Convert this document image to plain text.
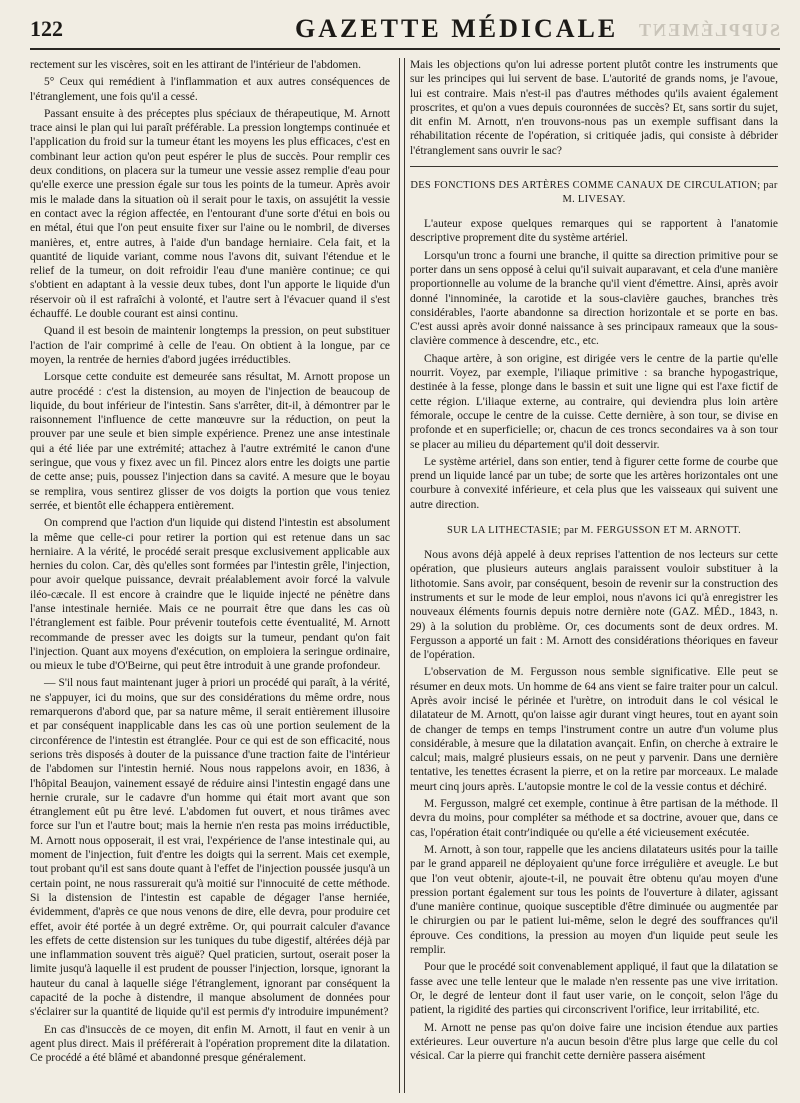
122	GAZETTE MÉDICALE SUPPLÉMENT

rectement sur les viscères, soit en les attirant de l'intérieur de l'abdomen.

5° Ceux qui remédient à l'inflammation et aux autres conséquences de l'étranglement, une fois qu'il a cessé.

Passant ensuite à des préceptes plus spéciaux de thérapeutique, M. Arnott trace ainsi le plan qui lui paraît préférable. La pression longtemps continuée et l'application du froid sur la tumeur étant les moyens les plus efficaces, c'est en combinant leur action qu'on peut espérer le plus de succès. Pour remplir ces deux conditions, on placera sur la tumeur une vessie assez remplie d'eau pour qu'elle exerce une pression égale sur tous les points de la tumeur. Après avoir mis le malade dans la situation où il serait pour le taxis, on assujétit la vessie en contact avec la région affectée, en l'entourant d'une sorte d'étui en bois ou en métal, étui que l'on peut ensuite fixer sur l'aine ou le nombril, de diverses manières, et, entre autres, à l'aide d'un bandage herniaire. Cela fait, et la quantité de liquide variant, comme nous l'avons dit, suivant l'étendue et le relief de la tumeur, on doit refroidir l'eau d'une manière continue; ce qui s'obtient en adaptant à la vessie deux tubes, dont l'un apporte le liquide d'un réservoir où il est rafraîchi à volonté, et l'autre sert à l'évacuer quand il s'est échauffé. Le double courant est ainsi continu.

Quand il est besoin de maintenir longtemps la pression, on peut substituer l'action de l'air comprimé à celle de l'eau. On obtient à la longue, par ce moyen, la rentrée de hernies d'abord jugées irréductibles.

Lorsque cette conduite est demeurée sans résultat, M. Arnott propose un autre procédé : c'est la distension, au moyen de l'injection de beaucoup de liquide, du bout inférieur de l'intestin. Sans s'arrêter, dit-il, à démontrer par le raisonnement l'influence de cette manœuvre sur la réduction, on peut la prouver par une seule et bien simple expérience. Prenez une anse intestinale qui a été liée par une extrémité; attachez à l'autre extrémité le canon d'une seringue, que vous y fixez avec un fil. Pincez alors entre les doigts une partie de cette anse; puis, poussez l'injection dans sa cavité. A mesure que le boyau se remplira, vous sentirez glisser de vos doigts la portion que vous teniez serrée, et bientôt elle échappera entièrement.

On comprend que l'action d'un liquide qui distend l'intestin est absolument la même que celle-ci pour retirer la portion qui est retenue dans un sac herniaire. A la vérité, le procédé serait presque exclusivement applicable aux hernies du colon. Car, dès qu'elles sont formées par l'intestin grêle, l'injection, pour avoir quelque puissance, devrait préalablement avoir forcé la valvule iléo-cæcale. Il est encore à craindre que le liquide injecté ne pénètre dans l'anse intestinale herniée. Mais ce ne pourrait être que dans les cas où l'étranglement est faible. Pour prévenir toutefois cette éventualité, M. Arnott recommande de presser avec les doigts sur la tumeur, pendant qu'on fait l'injection. Quant aux moyens d'exécution, on emploiera la seringue ordinaire, ou mieux le tube d'O'Beirne, qui peut être introduit à une grande profondeur.

— S'il nous faut maintenant juger à priori un procédé qui paraît, à la vérité, ne s'appuyer, ici du moins, que sur des considérations du même ordre, nous remarquerons d'abord que, par sa nature même, il serait entièrement illusoire et par conséquent inapplicable dans les cas où une portion seulement de la circonférence de l'intestin est étranglée. Pour ce qui est de son efficacité, nous serions très disposés à douter de la puissance d'une traction faite de l'intérieur de l'abdomen sur l'intestin hernié. Nous nous rappelons avoir, en 1836, à l'hôpital Beaujon, vainement essayé de réduire ainsi l'intestin engagé dans une hernie crurale, sur le cadavre d'un homme qui était mort avant que son étranglement eût pu être levé. L'abdomen fut ouvert, et nous tirâmes avec force sur l'un et l'autre bout; mais la hernie n'en resta pas moins irréductible, M. Arnott nous opposerait, il est vrai, l'expérience de l'anse intestinale qui, au moment de l'injection, fuit d'entre les doigts qui la serrent. Mais cet exemple, tout probant qu'il est sans doute quant à l'effet de l'injection poussée jusqu'à un certain point, ne nous rassurerait qu'à moitié sur l'innocuité de cette méthode. Si la distension de l'intestin est capable de dégager l'anse herniée, évidemment, d'après ce que nous venons de dire, elle devra, pour produire cet effet, avoir été portée à un degré extrême. Or, qui pourrait calculer d'avance les effets de cette distension sur les tuniques du tube digestif, altérées déjà par une inflammation souvent très aiguë? Quel praticien, surtout, oserait poser la limite jusqu'à laquelle il est prudent de pousser l'injection, lorsque, ignorant la hauteur du canal à laquelle siége l'étranglement, ignorant par conséquent la capacité de la poche à distendre, il manque absolument de données pour s'éclairer sur la quantité de liquide qu'il est permis d'y introduire impunément?

En cas d'insuccès de ce moyen, dit enfin M. Arnott, il faut en venir à un agent plus direct. Mais il préférerait à l'opération proprement dite la dilatation. Ce procédé a été blâmé et abandonné presque généralement.

Mais les objections qu'on lui adresse portent plutôt contre les instruments que sur les principes qui lui servent de base. L'autorité de grands noms, je l'avoue, lui est contraire. Mais n'est-il pas d'autres méthodes qu'ils avaient également proscrites, et qu'on a vues depuis couronnées de succès? Et, sans sortir du sujet, dit enfin M. Arnott, n'en trouvons-nous pas un exemple suffisant dans la réhabilitation récente de l'opération, si critiquée jadis, qui consiste à débrider l'étranglement sans ouvrir le sac?

DES FONCTIONS DES ARTÈRES COMME CANAUX DE CIRCULATION; par M. LIVESAY.

L'auteur expose quelques remarques qui se rapportent à l'anatomie descriptive proprement dite du système artériel.

Lorsqu'un tronc a fourni une branche, il quitte sa direction primitive pour se porter dans un sens opposé à celui qu'il suivait auparavant, et cela d'une manière proportionnelle au volume de la branche qu'il vient d'émettre. Ainsi, après avoir donné l'innominée, la carotide et la sous-clavière gauches, branches très considérables, l'aorte abandonne sa direction horizontale et se porte en bas. C'est aussi après avoir donné naissance à ses principaux rameaux que la sous-clavière commence à descendre, etc., etc.

Chaque artère, à son origine, est dirigée vers le centre de la partie qu'elle nourrit. Voyez, par exemple, l'iliaque primitive : sa branche hypogastrique, destinée à la fesse, plonge dans le bassin et suit une ligne qui est l'axe fictif de cette région. L'iliaque externe, au contraire, qui deviendra plus loin artère fémorale, occupe le centre de la cuisse. Cette dernière, à son tour, se divise en profonde et en superficielle; or, chacun de ces troncs secondaires va à son tour se placer au milieu du département qu'il doit desservir.

Le système artériel, dans son entier, tend à figurer cette forme de courbe que prend un liquide lancé par un tube; de sorte que les artères horizontales ont une courbure à convexité inférieure, et cela plus que les vaisseaux qui suivent une autre direction.

SUR LA LITHECTASIE; par M. FERGUSSON ET M. ARNOTT.

Nous avons déjà appelé à deux reprises l'attention de nos lecteurs sur cette opération, que plusieurs auteurs anglais paraissent vouloir substituer à la lithotomie. Sans avoir, par conséquent, besoin de revenir sur la construction des instruments et sur le mode de leur emploi, nous n'avons ici qu'à enregistrer les nouveaux éléments fournis depuis notre dernière note (GAZ. MÉD., 1843, n. 29) à la solution du problème. Or, ces documents sont de deux ordres. M. Fergusson a apporté un fait : M. Arnott des considérations théoriques en faveur de l'opération.

L'observation de M. Fergusson nous semble significative. Elle peut se résumer en deux mots. Un homme de 64 ans vient se faire traiter pour un calcul. Après avoir incisé le périnée et l'urètre, on introduit dans le col vésical le dilatateur de M. Arnott, qu'on laisse agir durant vingt heures, tout en ayant soin de changer de temps en temps l'instrument contre un autre d'un volume plus considérable, à mesure que la dilatation avançait. Enfin, on cherche à extraire le calcul; mais, malgré plusieurs essais, on ne peut y parvenir. Dans une dernière tentative, les tenettes écrasent la pierre, et on la retire par morceaux. Le malade meurt cinq jours après. L'autopsie montre le col de la vessie contus et déchiré.

M. Fergusson, malgré cet exemple, continue à être partisan de la méthode. Il devra du moins, pour compléter sa méthode et sa doctrine, avouer que, dans ce cas, l'opération était contr'indiquée ou qu'elle a été vicieusement exécutée.

M. Arnott, à son tour, rappelle que les anciens dilatateurs usités pour la taille par le grand appareil ne déployaient qu'une force irrégulière et aveugle. Le but que l'on veut obtenir, ajoute-t-il, ne pouvait être obtenu qu'au moyen d'une pression portant également sur tous les points de l'ouverture à dilater, agissant d'une manière continue, quoique susceptible d'être diminuée ou augmentée par le chirurgien ou par le patient lui-même, selon le degré des souffrances qu'il éprouve. Ces conditions, la pression au moyen d'un liquide peut seule les remplir.

Pour que le procédé soit convenablement appliqué, il faut que la dilatation se fasse avec une telle lenteur que le malade n'en ressente pas une vive irritation. Or, le degré de lenteur dont il faut user varie, on le conçoit, selon l'âge du patient, la rigidité des parties qui circonscrivent l'orifice, leur irritabilité, etc.

M. Arnott ne pense pas qu'on doive faire une incision étendue aux parties extérieures. Leur ouverture n'a aucun besoin d'être plus large que celle du col vésical. Car la pierre qui franchit cette dernière passera aisément
